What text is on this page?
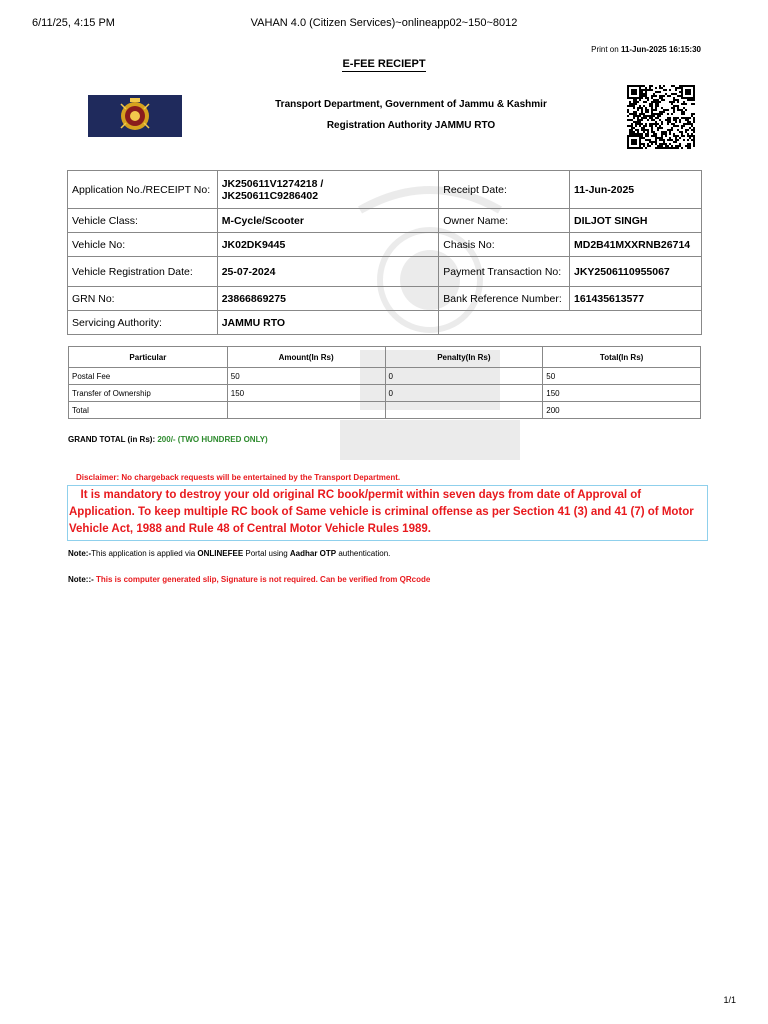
6/11/25, 4:15 PM	VAHAN 4.0 (Citizen Services)~onlineapp02~150~8012
Print on 11-Jun-2025 16:15:30
E-FEE RECIEPT
Transport Department, Government of Jammu & Kashmir
Registration Authority JAMMU RTO
Application No./RECEIPT No:	JK250611V1274218 /
JK250611C9286402	Receipt Date:	11-Jun-2025
Vehicle Class:	M-Cycle/Scooter	Owner Name:	DILJOT SINGH
Vehicle No:	JK02DK9445	Chasis No:	MD2B41MXXRNB26714
Vehicle Registration Date:	25-07-2024	Payment Transaction No:	JKY2506110955067
GRN No:	23866869275	Bank Reference Number:	161435613577
Servicing Authority:	JAMMU RTO		
Particular	Amount(In Rs)	Penalty(In Rs)	Total(In Rs)
Postal Fee	50	0	50
Transfer of Ownership	150	0	150
Total			200
GRAND TOTAL (in Rs): 200/- (TWO HUNDRED ONLY)
 Disclaimer: No chargeback requests will be entertained by the Transport Department.
 It is mandatory to destroy your old original RC book/permit within seven days from date of Approval of Application. To keep multiple RC book of Same vehicle is criminal offense as per Section 41 (3) and 41 (7) of Motor Vehicle Act, 1988 and Rule 48 of Central Motor Vehicle Rules 1989.
Note:-This application is applied via ONLINEFEE Portal using Aadhar OTP authentication.
Note::- This is computer generated slip, Signature is not required. Can be verified from QRcode
1/1
